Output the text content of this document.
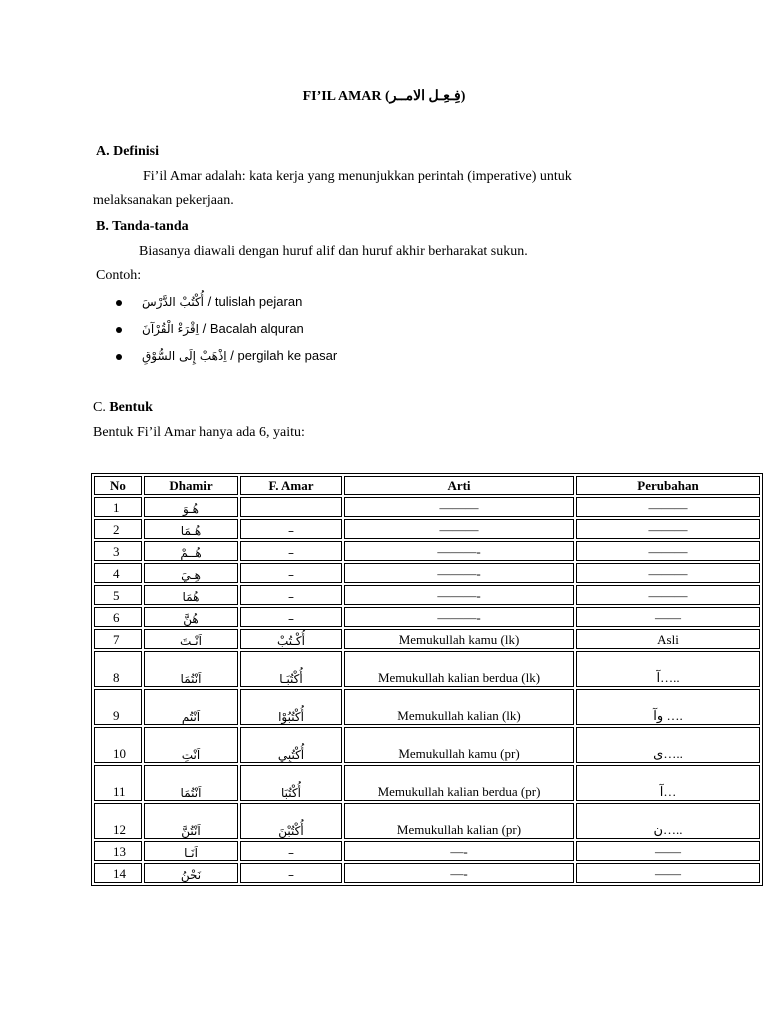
FI’IL AMAR (فِـعِـل الامــر)
A. Definisi
Fi’il Amar adalah: kata kerja yang menunjukkan perintah (imperative) untuk
melaksanakan pekerjaan.
B. Tanda-tanda
Biasanya diawali dengan huruf alif dan huruf akhir berharakat sukun.
Contoh:
أُكْتُبْ الدَّرْسَ / tulislah pejaran
اِقْرَءْ الْقُرْآنَ / Bacalah alquran
اِذْهَبْ إِلَى السُّوْقِ / pergilah ke pasar
C. Bentuk
Bentuk Fi’il Amar hanya ada 6, yaitu:
No	Dhamir	F. Amar	Arti	Perubahan
1	هُـوَ		———	———
2	هُـمَا	–	———	———
3	هُــمْ	–	———-	———
4	هِـيَ	–	———-	———
5	هُمَا	–	———-	———
6	هُنَّ	–	———-	——
7	اَنْـتَ	أُكْـتُبْ	Memukullah kamu (lk)	Asli
8	اَنْتُمَا	أُكْتُبَـا	Memukullah kalian berdua (lk)	آ…..
9	اَنْتُم	أُكْتُبُوْا	Memukullah kalian (lk)	وآ ….
10	اَنْتِ	أُكْتُبِي	Memukullah kamu (pr)	ى…..
11	اَنْتُمَا	أُكْتُبَا	Memukullah kalian berdua (pr)	آ…
12	اَنْتُنَّ	أُكْتُبْنَ	Memukullah kalian (pr)	ن…..
13	اَنَـا	–	—-	——
14	نَحْنُ	–	—-	——
